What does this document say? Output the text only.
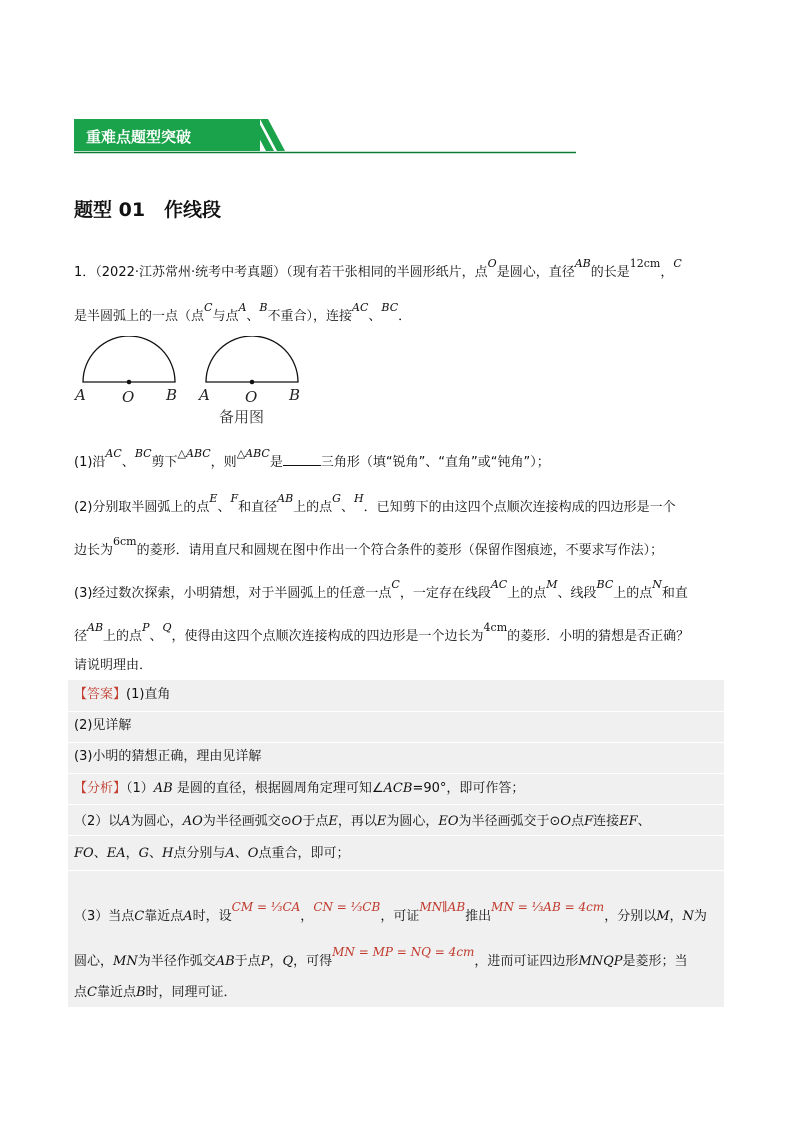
重难点题型突破
题型 01　作线段
1．（2022·江苏常州·统考中考真题）（现有若干张相同的半圆形纸片，点$^O$是圆心，直径$^{AB}$的长是$^{12cm}$，$^C$
是半圆弧上的一点（点$^C$与点$^A$、$^B$不重合），连接$^{AC}$、$^{BC}$．
A O B A O B
备用图
(1)沿$^{AC}$、$^{BC}$剪下$^{\triangle ABC}$，则$^{\triangle ABC}$是	三角形（填“锐角”、“直角”或“钝角”）；
(2)分别取半圆弧上的点$^E$、$^F$和直径$^{AB}$上的点$^G$、$^H$．已知剪下的由这四个点顺次连接构成的四边形是一个
边长为$^{6cm}$的菱形．请用直尺和圆规在图中作出一个符合条件的菱形（保留作图痕迹，不要求写作法）；
(3)经过数次探索，小明猜想，对于半圆弧上的任意一点$^C$，一定存在线段$^{AC}$上的点$^M$、线段$^{BC}$上的点$^N$和直
径$^{AB}$上的点$^P$、$^Q$，使得由这四个点顺次连接构成的四边形是一个边长为$^{4cm}$的菱形．小明的猜想是否正确？
请说明理由．
【答案】(1)直角
(2)见详解
(3)小明的猜想正确，理由见详解
【分析】（1）AB 是圆的直径，根据圆周角定理可知∠ACB=90°，即可作答；
（2）以A为圆心，AO为半径画弧交⊙O于点E，再以E为圆心，EO为半径画弧交于⊙O点F连接EF、
FO、EA，G、H点分别与A、O点重合，即可；
（3）当点C靠近点A时，设CM = ⅓CA，CN = ⅓CB，可证MN∥AB推出MN = ⅓AB = 4cm，分别以M，N为
圆心，MN为半径作弧交AB于点P，Q，可得MN = MP = NQ = 4cm，进而可证四边形MNQP是菱形；当
点C靠近点B时，同理可证．
